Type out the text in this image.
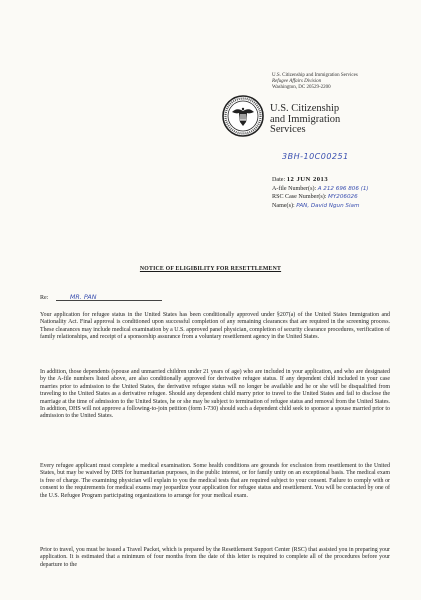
U.S. Citizenship and Immigration Services
Refugee Affairs Division
Washington, DC 20529-2200
U.S. Citizenship
and Immigration
Services
3BH-10C00251
Date: 12 JUN 2013
A-file Number(s): A 212 696 806 (1)
RSC Case Number(s): MY206026
Name(s): PAN, David Ngun Siam
NOTICE OF ELIGIBILITY FOR RESETTLEMENT
Re:	MR. PAN

Your application for refugee status in the United States has been conditionally approved under §207(a) of the United States Immigration and Nationality Act. Final approval is conditioned upon successful completion of any remaining clearances that are required in the screening process. These clearances may include medical examination by a U.S. approved panel physician, completion of security clearance procedures, verification of family relationships, and receipt of a sponsorship assurance from a voluntary resettlement agency in the United States.

In addition, those dependents (spouse and unmarried children under 21 years of age) who are included in your application, and who are designated by the A-file numbers listed above, are also conditionally approved for derivative refugee status. If any dependent child included in your case marries prior to admission to the United States, the derivative refugee status will no longer be available and he or she will be disqualified from traveling to the United States as a derivative refugee. Should any dependent child marry prior to travel to the United States and fail to disclose the marriage at the time of admission to the United States, he or she may be subject to termination of refugee status and removal from the United States. In addition, DHS will not approve a following-to-join petition (form I-730) should such a dependent child seek to sponsor a spouse married prior to admission to the United States.

Every refugee applicant must complete a medical examination. Some health conditions are grounds for exclusion from resettlement to the United States, but may be waived by DHS for humanitarian purposes, in the public interest, or for family unity on an exceptional basis. The medical exam is free of charge. The examining physician will explain to you the medical tests that are required subject to your consent. Failure to comply with or consent to the requirements for medical exams may jeopardize your application for refugee status and resettlement. You will be contacted by one of the U.S. Refugee Program participating organizations to arrange for your medical exam.

Prior to travel, you must be issued a Travel Packet, which is prepared by the Resettlement Support Center (RSC) that assisted you in preparing your application. It is estimated that a minimum of four months from the date of this letter is required to complete all of the procedures before your departure to the
